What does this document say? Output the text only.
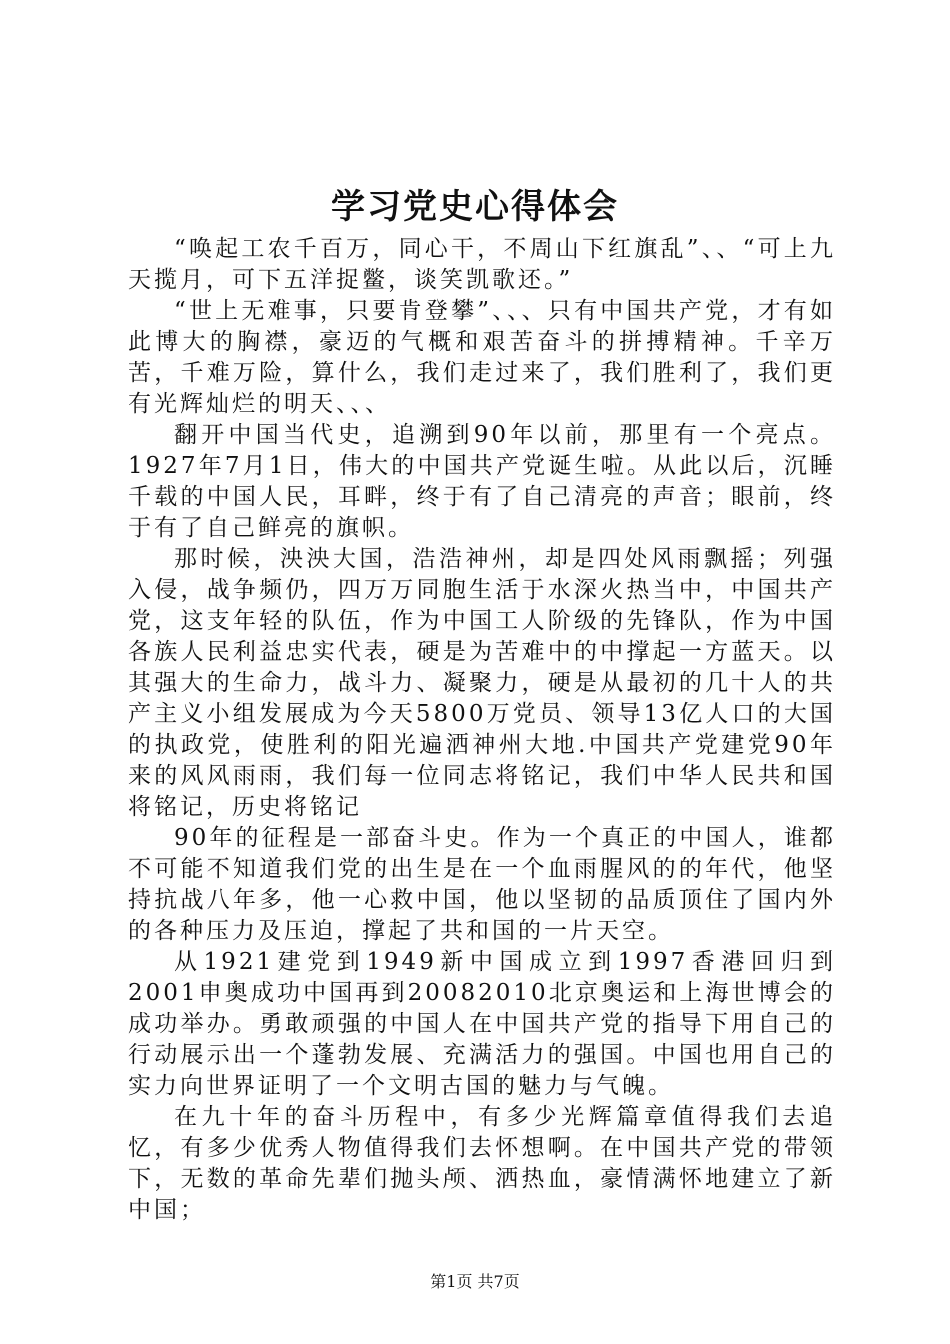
学习党史心得体会

“唤起工农千百万，同心干，不周山下红旗乱”、、“可上九天揽月，可下五洋捉鳖，谈笑凯歌还。”

“世上无难事，只要肯登攀”、、、只有中国共产党，才有如此博大的胸襟，豪迈的气概和艰苦奋斗的拼搏精神。千辛万苦，千难万险，算什么，我们走过来了，我们胜利了，我们更有光辉灿烂的明天、、、

翻开中国当代史，追溯到90年以前，那里有一个亮点。1927年7月1日，伟大的中国共产党诞生啦。从此以后，沉睡千载的中国人民，耳畔，终于有了自己清亮的声音；眼前，终于有了自己鲜亮的旗帜。

那时候，泱泱大国，浩浩神州，却是四处风雨飘摇；列强入侵，战争频仍，四万万同胞生活于水深火热当中，中国共产党，这支年轻的队伍，作为中国工人阶级的先锋队，作为中国各族人民利益忠实代表，硬是为苦难中的中撑起一方蓝天。以其强大的生命力，战斗力、凝聚力，硬是从最初的几十人的共产主义小组发展成为今天5800万党员、领导13亿人口的大国的执政党，使胜利的阳光遍洒神州大地.中国共产党建党90年来的风风雨雨，我们每一位同志将铭记，我们中华人民共和国将铭记，历史将铭记

90年的征程是一部奋斗史。作为一个真正的中国人，谁都不可能不知道我们党的出生是在一个血雨腥风的的年代，他坚持抗战八年多，他一心救中国，他以坚韧的品质顶住了国内外的各种压力及压迫，撑起了共和国的一片天空。

从1921建党到1949新中国成立到1997香港回归到2001申奥成功中国再到20082010北京奥运和上海世博会的成功举办。勇敢顽强的中国人在中国共产党的指导下用自己的行动展示出一个蓬勃发展、充满活力的强国。中国也用自己的实力向世界证明了一个文明古国的魅力与气魄。

在九十年的奋斗历程中，有多少光辉篇章值得我们去追忆，有多少优秀人物值得我们去怀想啊。在中国共产党的带领下，无数的革命先辈们抛头颅、洒热血，豪情满怀地建立了新中国；

第1页 共7页
